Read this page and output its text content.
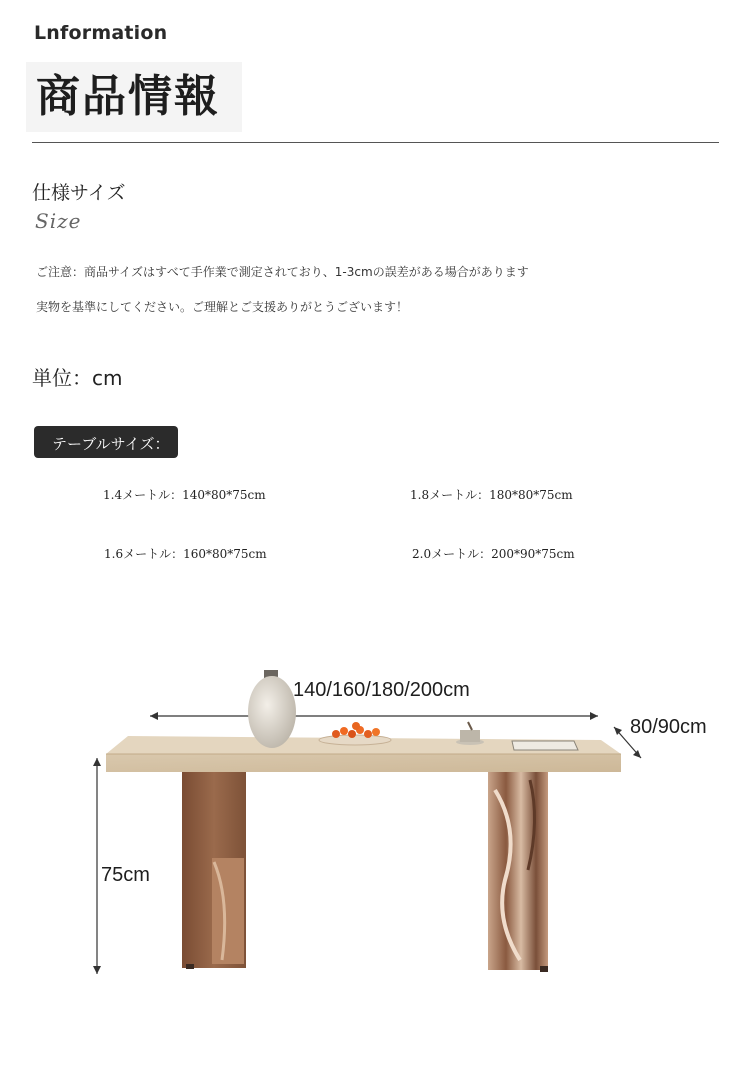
Lnformation
商品情報
仕様サイズ
Size
ご注意：商品サイズはすべて手作業で測定されており、1-3cmの誤差がある場合があります
実物を基準にしてください。ご理解とご支援ありがとうございます！
単位：cm
テーブルサイズ：
1.4メートル：140*80*75cm	1.8メートル：180*80*75cm
1.6メートル：160*80*75cm	2.0メートル：200*90*75cm
140/160/180/200cm
80/90cm
75cm
